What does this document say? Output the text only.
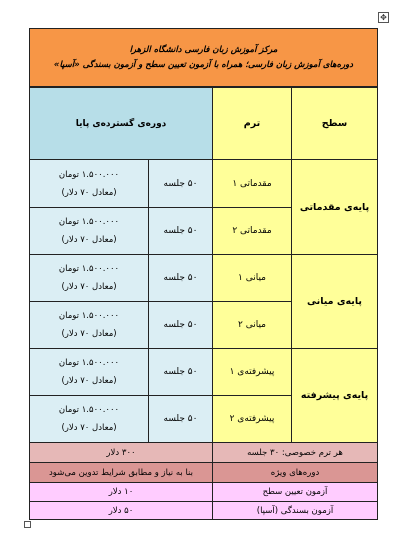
✥
مرکز آموزش زبان فارسی دانشگاه الزهرا
دوره‌های آموزش زبان فارسی؛ همراه با آزمون تعیین سطح و آزمون بسندگی «آسپا»
سطح
ترم
دوره‌ی گسترده‌ی پایا
پایه‌ی مقدماتی
پایه‌ی میانی
پایه‌ی پیشرفته
مقدماتی ۱
۵۰ جلسه
۱.۵۰۰.۰۰۰ تومان
(معادل ۷۰ دلار)
مقدماتی ۲
۵۰ جلسه
۱.۵۰۰.۰۰۰ تومان
(معادل ۷۰ دلار)
میانی ۱
۵۰ جلسه
۱.۵۰۰.۰۰۰ تومان
(معادل ۷۰ دلار)
میانی ۲
۵۰ جلسه
۱.۵۰۰.۰۰۰ تومان
(معادل ۷۰ دلار)
پیشرفته‌ی ۱
۵۰ جلسه
۱.۵۰۰.۰۰۰ تومان
(معادل ۷۰ دلار)
پیشرفته‌ی ۲
۵۰ جلسه
۱.۵۰۰.۰۰۰ تومان
(معادل ۷۰ دلار)
هر ترم خصوصی: ۳۰ جلسه
۳۰۰ دلار
دوره‌های ویژه
بنا به نیاز و مطابق شرایط تدوین می‌شود
آزمون تعیین سطح
۱۰ دلار
آزمون بسندگی (آسپا)
۵۰ دلار
